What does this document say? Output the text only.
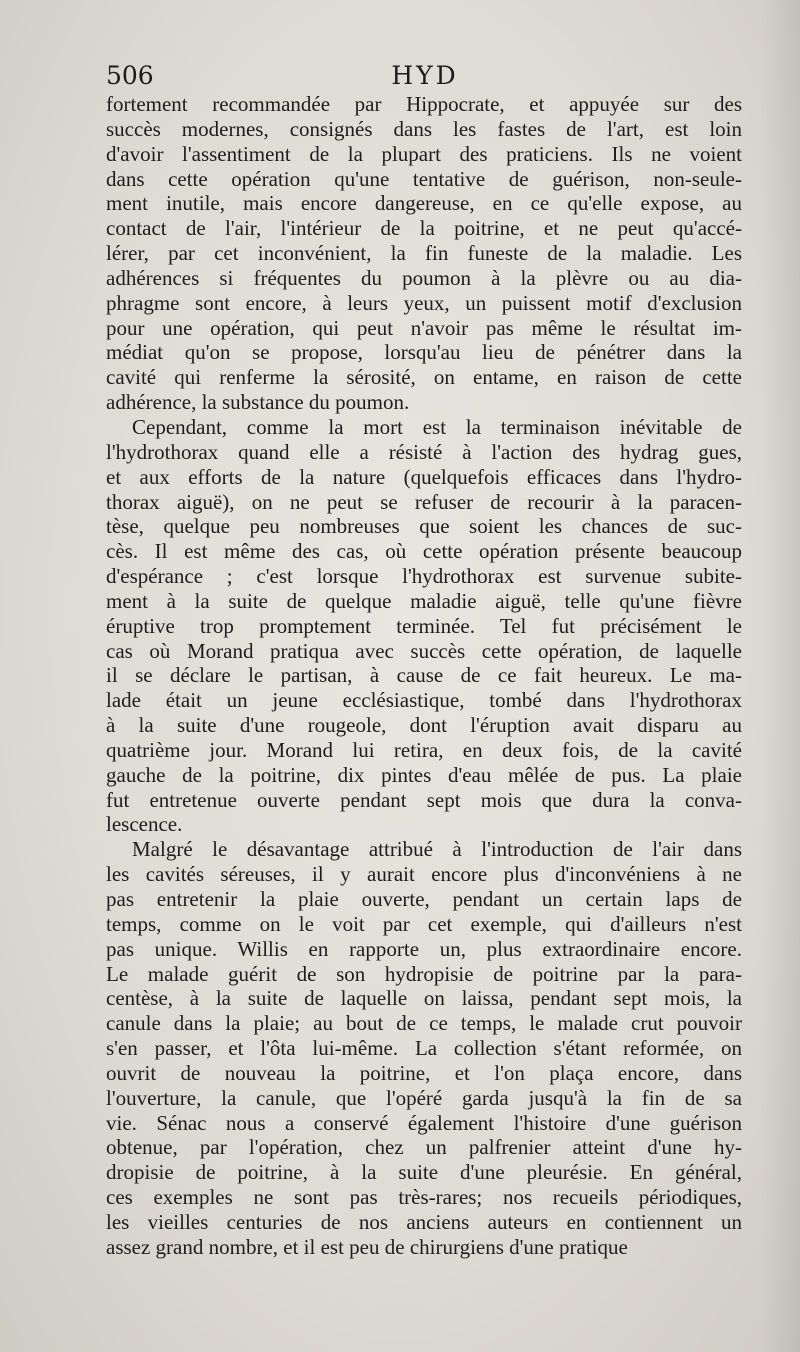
506	HYD
fortement recommandée par Hippocrate, et appuyée sur des
succès modernes, consignés dans les fastes de l'art, est loin
d'avoir l'assentiment de la plupart des praticiens. Ils ne voient
dans cette opération qu'une tentative de guérison, non-seule-
ment inutile, mais encore dangereuse, en ce qu'elle expose, au
contact de l'air, l'intérieur de la poitrine, et ne peut qu'accé-
lérer, par cet inconvénient, la fin funeste de la maladie. Les
adhérences si fréquentes du poumon à la plèvre ou au dia-
phragme sont encore, à leurs yeux, un puissent motif d'exclusion
pour une opération, qui peut n'avoir pas même le résultat im-
médiat qu'on se propose, lorsqu'au lieu de pénétrer dans la
cavité qui renferme la sérosité, on entame, en raison de cette
adhérence, la substance du poumon.
Cependant, comme la mort est la terminaison inévitable de
l'hydrothorax quand elle a résisté à l'action des hydrag gues,
et aux efforts de la nature (quelquefois efficaces dans l'hydro-
thorax aiguë), on ne peut se refuser de recourir à la paracen-
tèse, quelque peu nombreuses que soient les chances de suc-
cès. Il est même des cas, où cette opération présente beaucoup
d'espérance ; c'est lorsque l'hydrothorax est survenue subite-
ment à la suite de quelque maladie aiguë, telle qu'une fièvre
éruptive trop promptement terminée. Tel fut précisément le
cas où Morand pratiqua avec succès cette opération, de laquelle
il se déclare le partisan, à cause de ce fait heureux. Le ma-
lade était un jeune ecclésiastique, tombé dans l'hydrothorax
à la suite d'une rougeole, dont l'éruption avait disparu au
quatrième jour. Morand lui retira, en deux fois, de la cavité
gauche de la poitrine, dix pintes d'eau mêlée de pus. La plaie
fut entretenue ouverte pendant sept mois que dura la conva-
lescence.
Malgré le désavantage attribué à l'introduction de l'air dans
les cavités séreuses, il y aurait encore plus d'inconvéniens à ne
pas entretenir la plaie ouverte, pendant un certain laps de
temps, comme on le voit par cet exemple, qui d'ailleurs n'est
pas unique. Willis en rapporte un, plus extraordinaire encore.
Le malade guérit de son hydropisie de poitrine par la para-
centèse, à la suite de laquelle on laissa, pendant sept mois, la
canule dans la plaie; au bout de ce temps, le malade crut pouvoir
s'en passer, et l'ôta lui-même. La collection s'étant reformée, on
ouvrit de nouveau la poitrine, et l'on plaça encore, dans
l'ouverture, la canule, que l'opéré garda jusqu'à la fin de sa
vie. Sénac nous a conservé également l'histoire d'une guérison
obtenue, par l'opération, chez un palfrenier atteint d'une hy-
dropisie de poitrine, à la suite d'une pleurésie. En général,
ces exemples ne sont pas très-rares; nos recueils périodiques,
les vieilles centuries de nos anciens auteurs en contiennent un
assez grand nombre, et il est peu de chirurgiens d'une pratique
